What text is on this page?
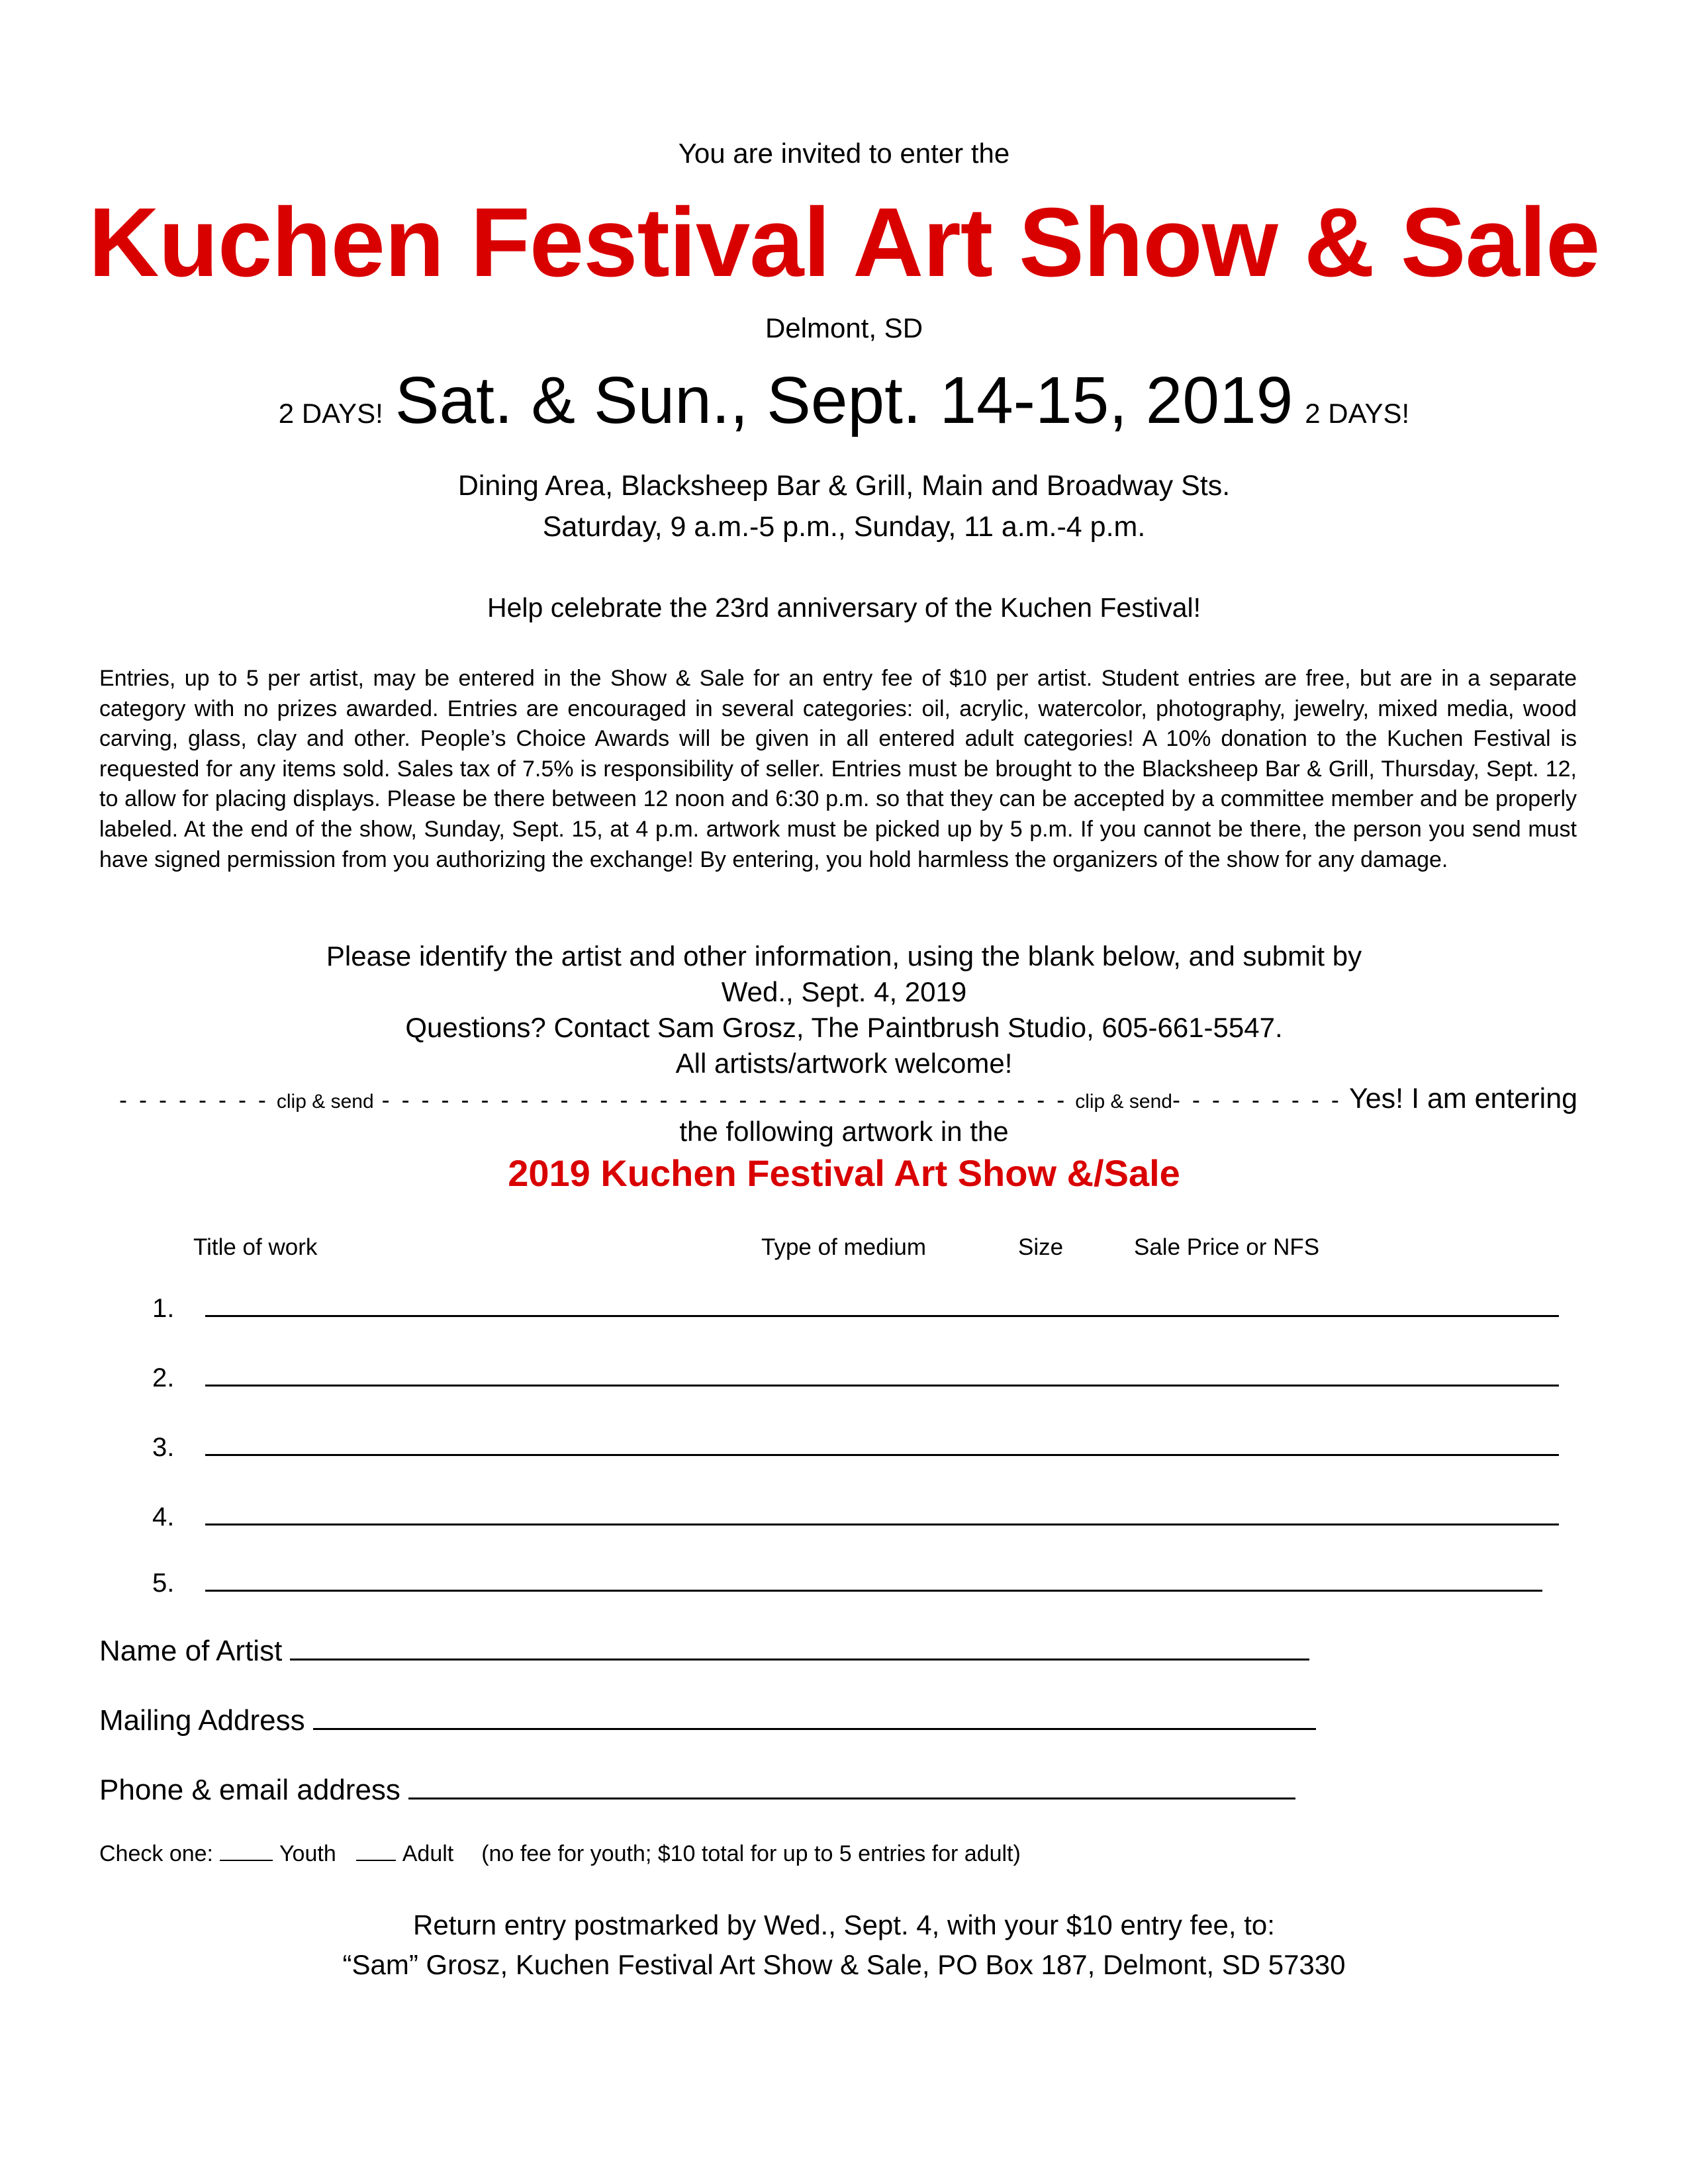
You are invited to enter the
Kuchen Festival Art Show & Sale
Delmont, SD
2 DAYS! Sat. & Sun., Sept. 14-15, 2019 2 DAYS!
Dining Area, Blacksheep Bar & Grill, Main and Broadway Sts.
Saturday, 9 a.m.-5 p.m., Sunday, 11 a.m.-4 p.m.
Help celebrate the 23rd anniversary of the Kuchen Festival!
Entries, up to 5 per artist, may be entered in the Show & Sale for an entry fee of $10 per artist. Student entries are free, but are in a separate category with no prizes awarded. Entries are encouraged in several categories: oil, acrylic, watercolor, photography, jewelry, mixed media, wood carving, glass, clay and other. People’s Choice Awards will be given in all entered adult categories! A 10% donation to the Kuchen Festival is requested for any items sold. Sales tax of 7.5% is responsibility of seller. Entries must be brought to the Blacksheep Bar & Grill, Thursday, Sept. 12, to allow for placing displays. Please be there between 12 noon and 6:30 p.m. so that they can be accepted by a committee member and be properly labeled. At the end of the show, Sunday, Sept. 15, at 4 p.m. artwork must be picked up by 5 p.m. If you cannot be there, the person you send must have signed permission from you authorizing the exchange! By entering, you hold harmless the organizers of the show for any damage.
Please identify the artist and other information, using the blank below, and submit by
Wed., Sept. 4, 2019
Questions? Contact Sam Grosz, The Paintbrush Studio, 605-661-5547.
All artists/artwork welcome!
- - - - - - - - clip & send - - - - - - - - - - - - - - - - - - - - - - - - - - - - - - - - - - - clip & send- - - - - - - - - Yes! I am entering
the following artwork in the
2019 Kuchen Festival Art Show &/Sale
Title of work	Type of medium	Size	Sale Price or NFS
1.
2.
3.
4.
5.
Name of Artist
Mailing Address
Phone & email address
Check one:	Youth	Adult (no fee for youth; $10 total for up to 5 entries for adult)
Return entry postmarked by Wed., Sept. 4, with your $10 entry fee, to:
“Sam” Grosz, Kuchen Festival Art Show & Sale, PO Box 187, Delmont, SD 57330
